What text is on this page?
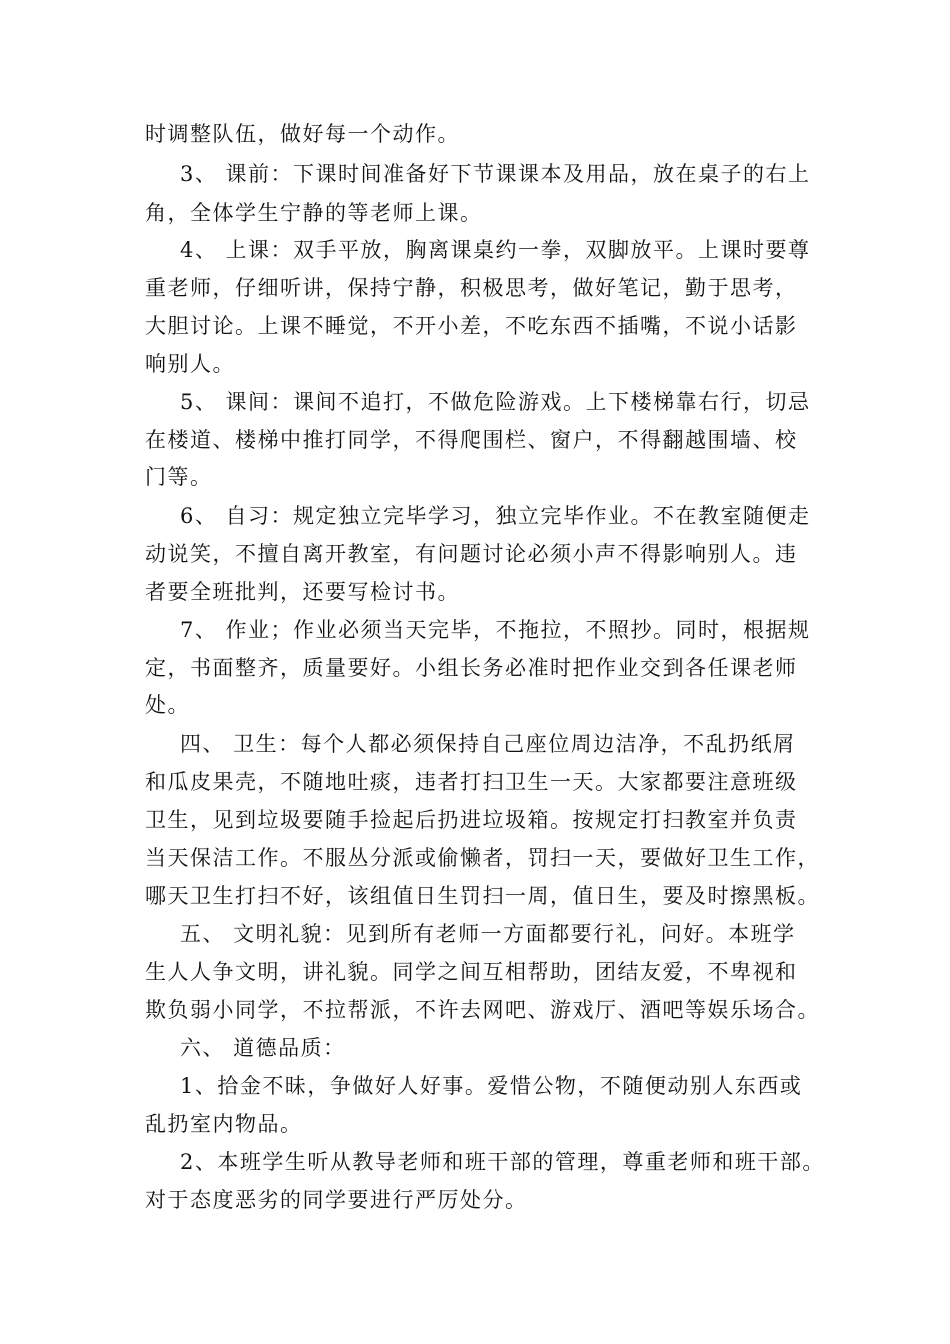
时调整队伍，做好每一个动作。
3、 课前：下课时间准备好下节课课本及用品，放在桌子的右上
角，全体学生宁静的等老师上课。
4、 上课：双手平放，胸离课桌约一拳，双脚放平。上课时要尊
重老师，仔细听讲，保持宁静，积极思考，做好笔记，勤于思考，
大胆讨论。上课不睡觉，不开小差，不吃东西不插嘴，不说小话影
响别人。
5、 课间：课间不追打，不做危险游戏。上下楼梯靠右行，切忌
在楼道、楼梯中推打同学，不得爬围栏、窗户，不得翻越围墙、校
门等。
6、 自习：规定独立完毕学习，独立完毕作业。不在教室随便走
动说笑，不擅自离开教室，有问题讨论必须小声不得影响别人。违
者要全班批判，还要写检讨书。
7、 作业；作业必须当天完毕，不拖拉，不照抄。同时，根据规
定，书面整齐，质量要好。小组长务必准时把作业交到各任课老师
处。
四、 卫生：每个人都必须保持自己座位周边洁净，不乱扔纸屑
和瓜皮果壳，不随地吐痰，违者打扫卫生一天。大家都要注意班级
卫生，见到垃圾要随手捡起后扔进垃圾箱。按规定打扫教室并负责
当天保洁工作。不服丛分派或偷懒者，罚扫一天，要做好卫生工作，
哪天卫生打扫不好，该组值日生罚扫一周，值日生，要及时擦黑板。
五、 文明礼貌：见到所有老师一方面都要行礼，问好。本班学
生人人争文明，讲礼貌。同学之间互相帮助，团结友爱，不卑视和
欺负弱小同学，不拉帮派，不许去网吧、游戏厅、酒吧等娱乐场合。
六、 道德品质：
1、拾金不昧，争做好人好事。爱惜公物，不随便动别人东西或
乱扔室内物品。
2、本班学生听从教导老师和班干部的管理，尊重老师和班干部。
对于态度恶劣的同学要进行严厉处分。
